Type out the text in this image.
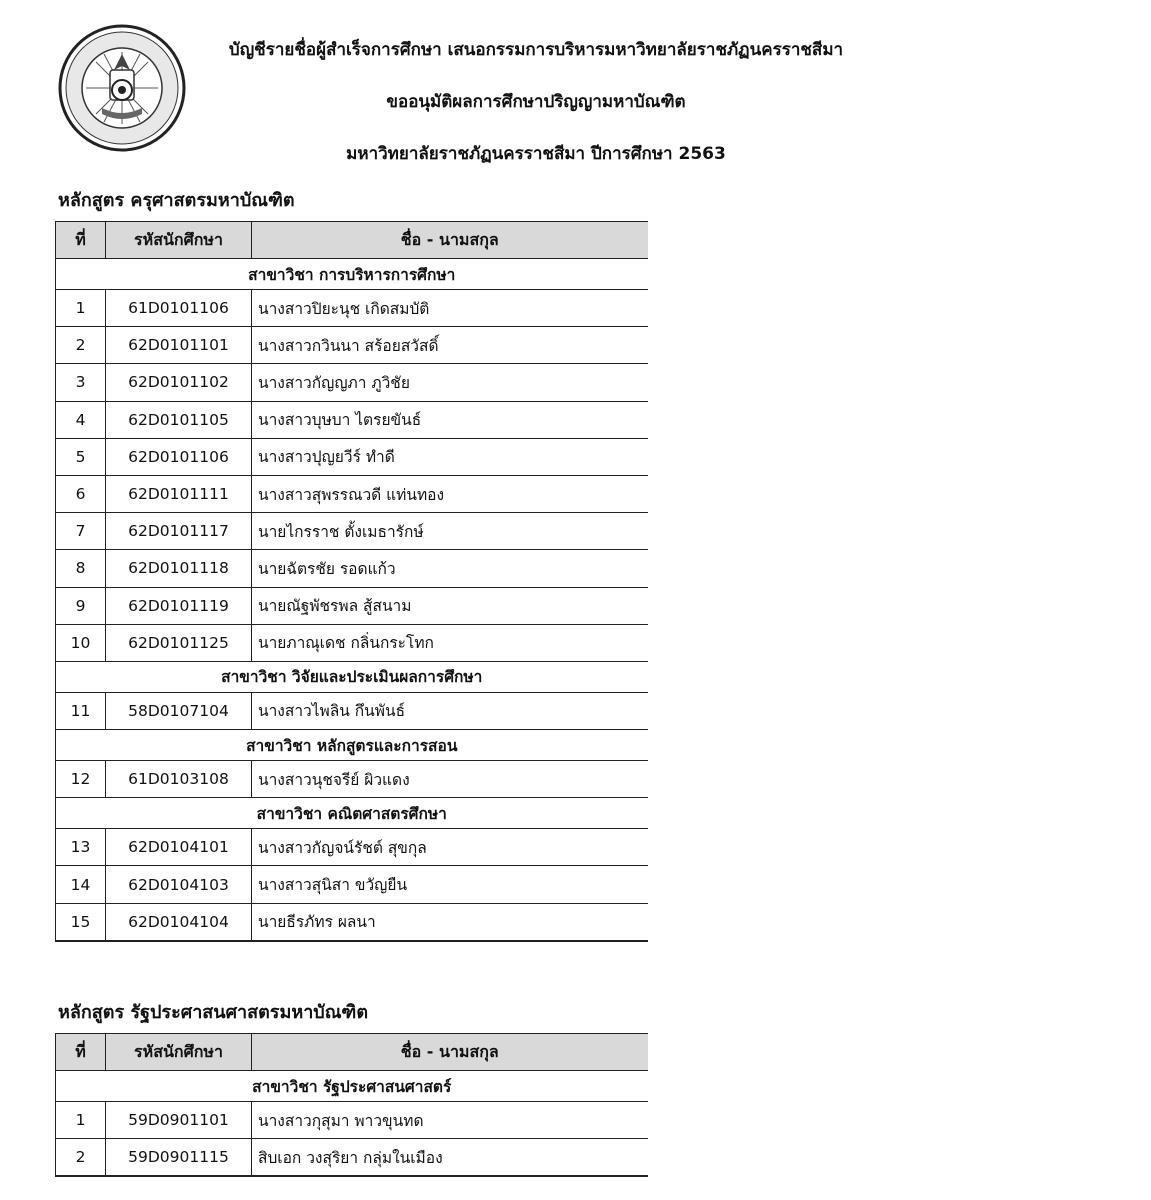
บัญชีรายชื่อผู้สำเร็จการศึกษา เสนอกรรมการบริหารมหาวิทยาลัยราชภัฏนครราชสีมา
ขออนุมัติผลการศึกษาปริญญามหาบัณฑิต
มหาวิทยาลัยราชภัฏนครราชสีมา ปีการศึกษา 2563
หลักสูตร ครุศาสตรมหาบัณฑิต
ที่	รหัสนักศึกษา	ชื่อ - นามสกุล
สาขาวิชา การบริหารการศึกษา		
1	61D0101106	นางสาวปิยะนุช เกิดสมบัติ
2	62D0101101	นางสาวกวินนา สร้อยสวัสดิ์
3	62D0101102	นางสาวกัญญภา ภูวิชัย
4	62D0101105	นางสาวบุษบา ไตรยขันธ์
5	62D0101106	นางสาวปุญยวีร์ ทำดี
6	62D0101111	นางสาวสุพรรณวดี แท่นทอง
7	62D0101117	นายไกรราช ตั้งเมธารักษ์
8	62D0101118	นายฉัตรชัย รอดแก้ว
9	62D0101119	นายณัฐพัชรพล สู้สนาม
10	62D0101125	นายภาณุเดช กลิ่นกระโทก
สาขาวิชา วิจัยและประเมินผลการศึกษา		
11	58D0107104	นางสาวไพลิน กึนพันธ์
สาขาวิชา หลักสูตรและการสอน		
12	61D0103108	นางสาวนุชจรีย์ ผิวแดง
สาขาวิชา คณิตศาสตรศึกษา		
13	62D0104101	นางสาวกัญจน์รัชต์ สุขกุล
14	62D0104103	นางสาวสุนิสา ขวัญยืน
15	62D0104104	นายธีรภัทร ผลนา
หลักสูตร รัฐประศาสนศาสตรมหาบัณฑิต
ที่	รหัสนักศึกษา	ชื่อ - นามสกุล
สาขาวิชา รัฐประศาสนศาสตร์		
1	59D0901101	นางสาวกุสุมา พาวขุนทด
2	59D0901115	สิบเอก วงสุริยา กลุ่มในเมือง
